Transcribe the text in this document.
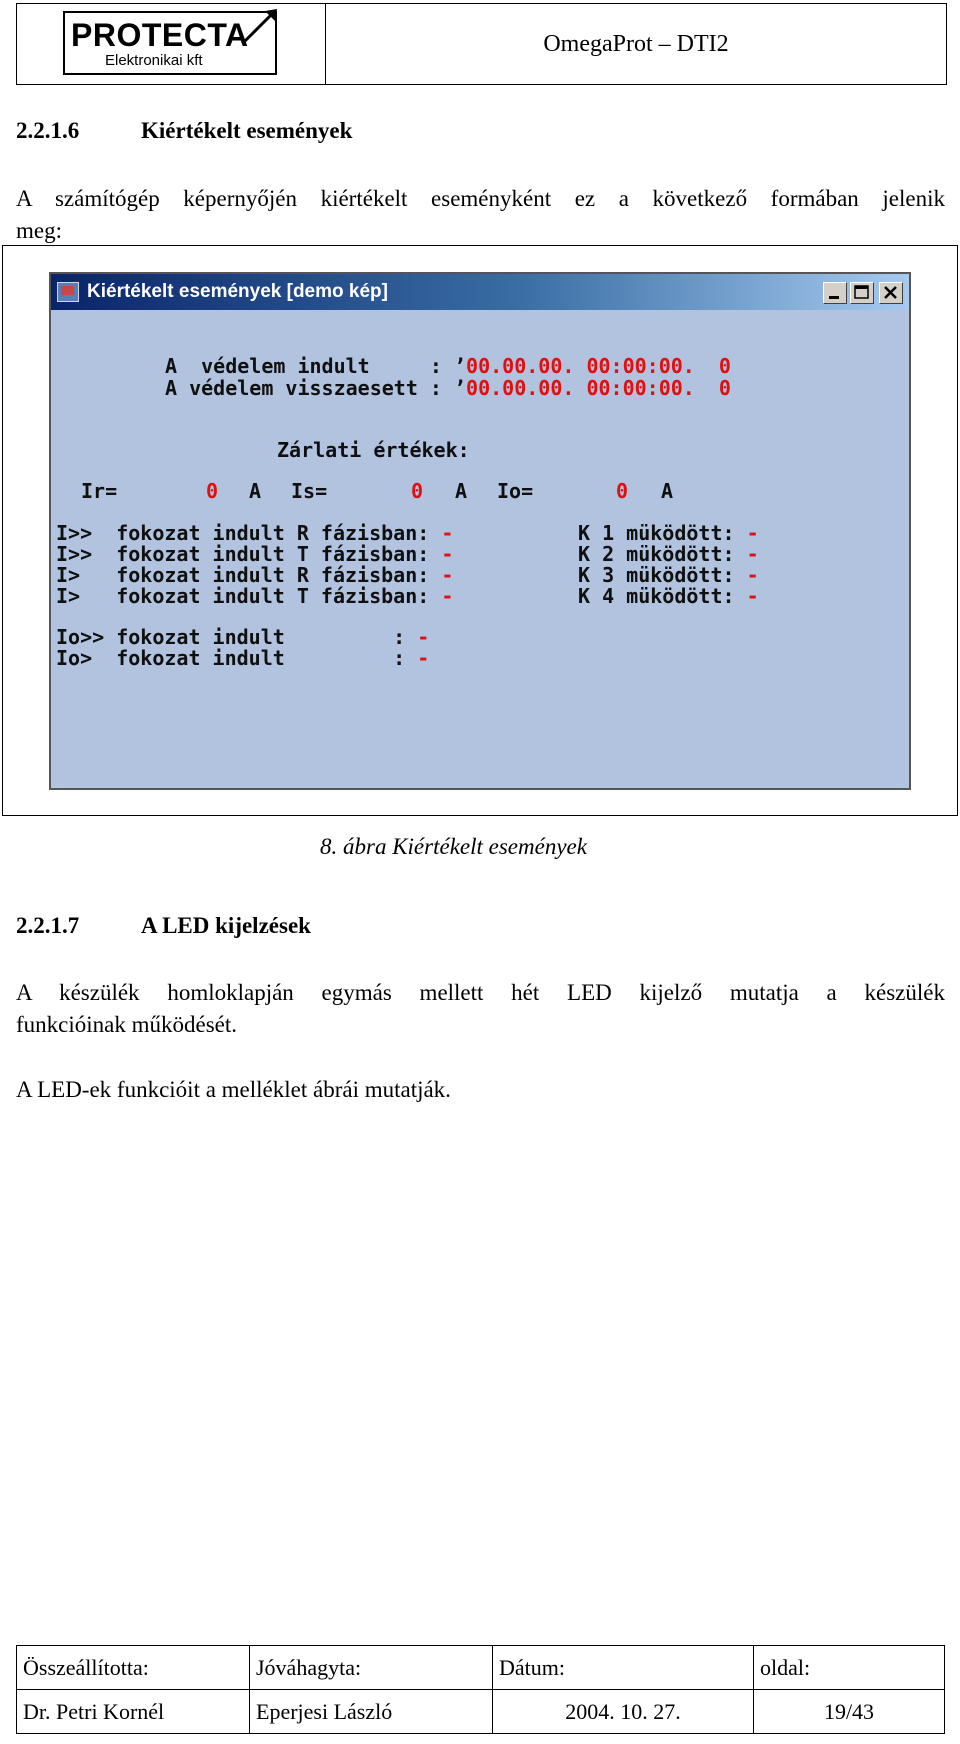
PROTECTA
Elektronikai kft
OmegaProt – DTI2
2.2.1.6	Kiértékelt események
A számítógép képernyőjén kiértékelt eseményként ez a következő formában jelenik
meg:
Kiértékelt események [demo kép]
A  védelem indult     : ’00.00.00. 00:00:00.  0
A védelem visszaesett : ’00.00.00. 00:00:00.  0
Zárlati értékek:
Ir=	0 A Is=	0 A Io=	0 A
I>>  fokozat indult R fázisban: -	K 1 müködött: -
I>>  fokozat indult T fázisban: -	K 2 müködött: -
I>   fokozat indult R fázisban: -	K 3 müködött: -
I>   fokozat indult T fázisban: -	K 4 müködött: -
Io>> fokozat indult         : -
Io>  fokozat indult         : -
8. ábra Kiértékelt események
2.2.1.7	A LED kijelzések
A készülék homloklapján egymás mellett hét LED kijelző mutatja a készülék
funkcióinak működését.
A LED-ek funkcióit a melléklet ábrái mutatják.
Összeállította:	Jóváhagyta:	Dátum:	oldal:
Dr. Petri Kornél	Eperjesi László	2004. 10. 27.	19/43
